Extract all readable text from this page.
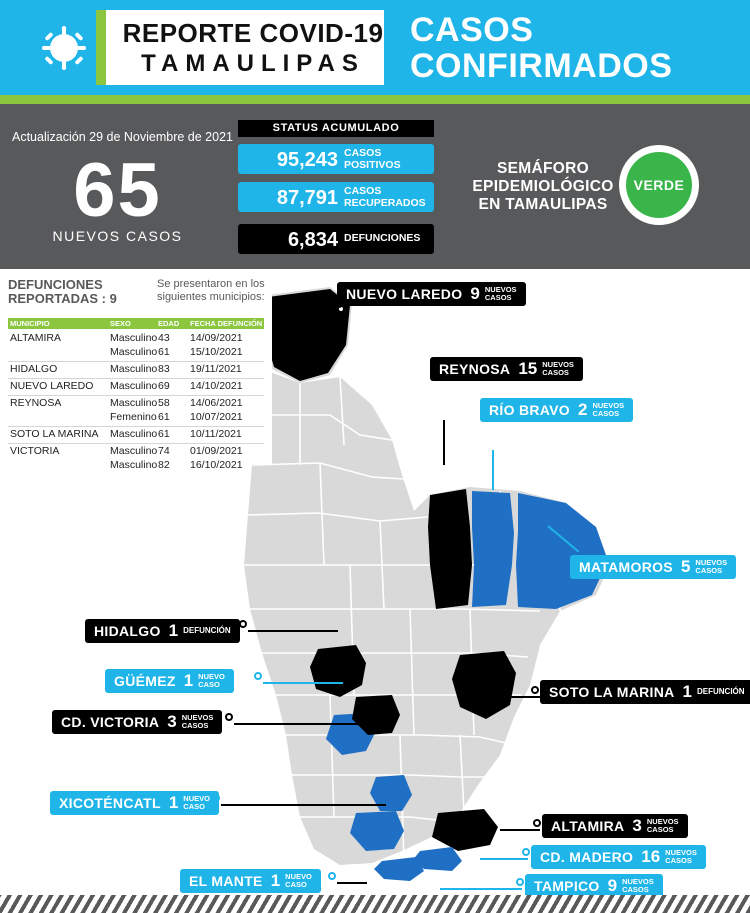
REPORTE COVID-19
TAMAULIPAS
CASOS
CONFIRMADOS
Actualización 29 de Noviembre de 2021
65
NUEVOS CASOS
STATUS ACUMULADO
95,243 CASOS
POSITIVOS
87,791 CASOS
RECUPERADOS
6,834 DEFUNCIONES
SEMÁFORO
EPIDEMIOLÓGICO
EN TAMAULIPAS
VERDE
NUEVO LAREDO 9 NUEVOS
CASOS
REYNOSA 15 NUEVOS
CASOS
RÍO BRAVO 2 NUEVOS
CASOS
MATAMOROS 5 NUEVOS
CASOS
HIDALGO 1 DEFUNCIÓN
GÜÉMEZ 1 NUEVO
CASO
CD. VICTORIA 3 NUEVOS
CASOS
SOTO LA MARINA 1 DEFUNCIÓN
XICOTÉNCATL 1 NUEVO
CASO
EL MANTE 1 NUEVO
CASO
ALTAMIRA 3 NUEVOS
CASOS
CD. MADERO 16 NUEVOS
CASOS
TAMPICO 9 NUEVOS
CASOS
DEFUNCIONES
REPORTADAS : 9
Se presentaron en los
siguientes municipios:
MUNICIPIO	SEXO	EDAD FECHA DEFUNCIÓN
ALTAMIRA	Masculino 43 14/09/2021
Masculino 61 15/10/2021
HIDALGO	Masculino 83 19/11/2021
NUEVO LAREDO Masculino 69 14/10/2021
REYNOSA	Masculino 58 14/06/2021
Femenino 61 10/07/2021
SOTO LA MARINA Masculino 61 10/11/2021
VICTORIA	Masculino 74 01/09/2021
Masculino 82 16/10/2021
